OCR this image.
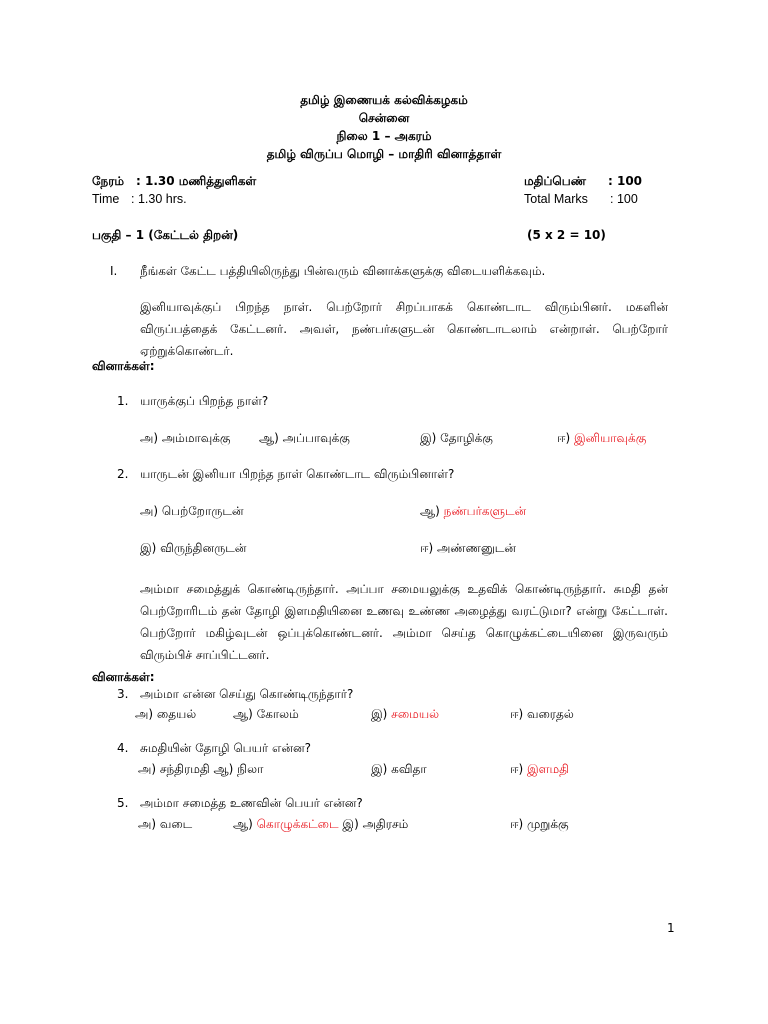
தமிழ் இணையக் கல்விக்கழகம்
சென்னை
நிலை 1 – அகரம்
தமிழ் விருப்ப மொழி – மாதிரி வினாத்தாள்
நேரம் : 1.30 மணித்துளிகள்	மதிப்பெண் : 100
Time : 1.30 hrs.	Total Marks : 100
பகுதி – 1 (கேட்டல் திறன்)	(5 x 2 = 10)
I. நீங்கள் கேட்ட பத்தியிலிருந்து பின்வரும் வினாக்களுக்கு விடையளிக்கவும்.
இனியாவுக்குப் பிறந்த நாள். பெற்றோர் சிறப்பாகக் கொண்டாட விரும்பினர். மகளின் விருப்பத்தைக் கேட்டனர். அவள், நண்பர்களுடன் கொண்டாடலாம் என்றாள். பெற்றோர் ஏற்றுக்கொண்டர்.
வினாக்கள்:
1. யாருக்குப் பிறந்த நாள்?
அ) அம்மாவுக்கு ஆ) அப்பாவுக்கு	இ) தோழிக்கு	ஈ) இனியாவுக்கு
2. யாருடன் இனியா பிறந்த நாள் கொண்டாட விரும்பினாள்?
அ) பெற்றோருடன்	ஆ) நண்பர்களுடன்
இ) விருந்தினருடன்	ஈ) அண்ணனுடன்
அம்மா சமைத்துக் கொண்டிருந்தார். அப்பா சமையலுக்கு உதவிக் கொண்டிருந்தார். சுமதி தன் பெற்றோரிடம் தன் தோழி இளமதியினை உணவு உண்ண அழைத்து வரட்டுமா? என்று கேட்டாள். பெற்றோர் மகிழ்வுடன் ஒப்புக்கொண்டனர். அம்மா செய்த கொழுக்கட்டையினை இருவரும் விரும்பிச் சாப்பிட்டனர்.
வினாக்கள்:
3. அம்மா என்ன செய்து கொண்டிருந்தார்?
அ) தையல்	ஆ) கோலம்	இ) சமையல்	ஈ) வரைதல்
4. சுமதியின் தோழி பெயர் என்ன?
அ) சந்திரமதி ஆ) நிலா	இ) கவிதா	ஈ) இளமதி
5. அம்மா சமைத்த உணவின் பெயர் என்ன?
அ) வடை	ஆ) கொழுக்கட்டை இ) அதிரசம்	ஈ) முறுக்கு
1
